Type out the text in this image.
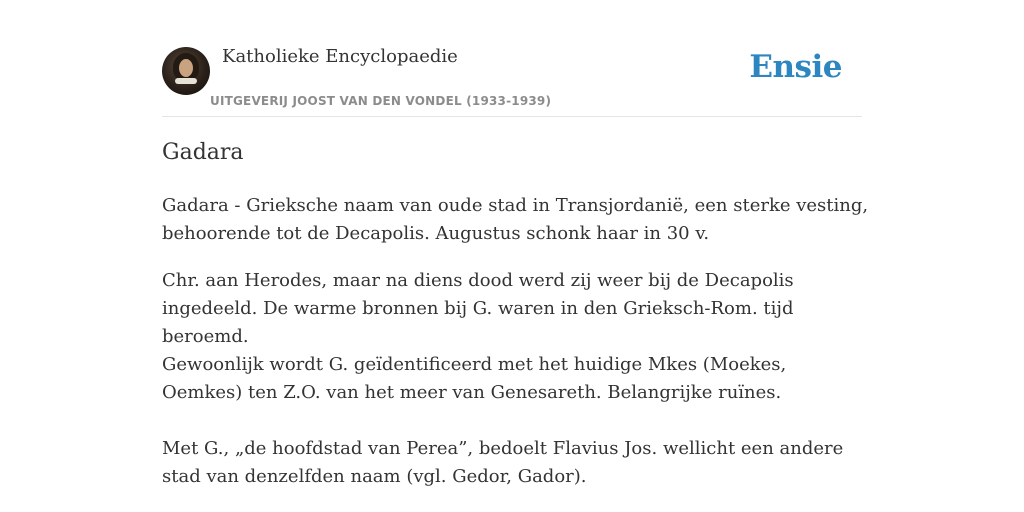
Katholieke Encyclopaedie
UITGEVERIJ JOOST VAN DEN VONDEL (1933-1939)
Ensie
Gadara

Gadara - Grieksche naam van oude stad in Transjordanië, een sterke vesting, behoorende tot de Decapolis. Augustus schonk haar in 30 v.

Chr. aan Herodes, maar na diens dood werd zij weer bij de Decapolis ingedeeld. De warme bronnen bij G. waren in den Grieksch-Rom. tijd beroemd.

Gewoonlijk wordt G. geïdentificeerd met het huidige Mkes (Moekes, Oemkes) ten Z.O. van het meer van Genesareth. Belangrijke ruïnes.

Met G., „de hoofdstad van Perea”, bedoelt Flavius Jos. wellicht een andere stad van denzelfden naam (vgl. Gedor, Gador).
